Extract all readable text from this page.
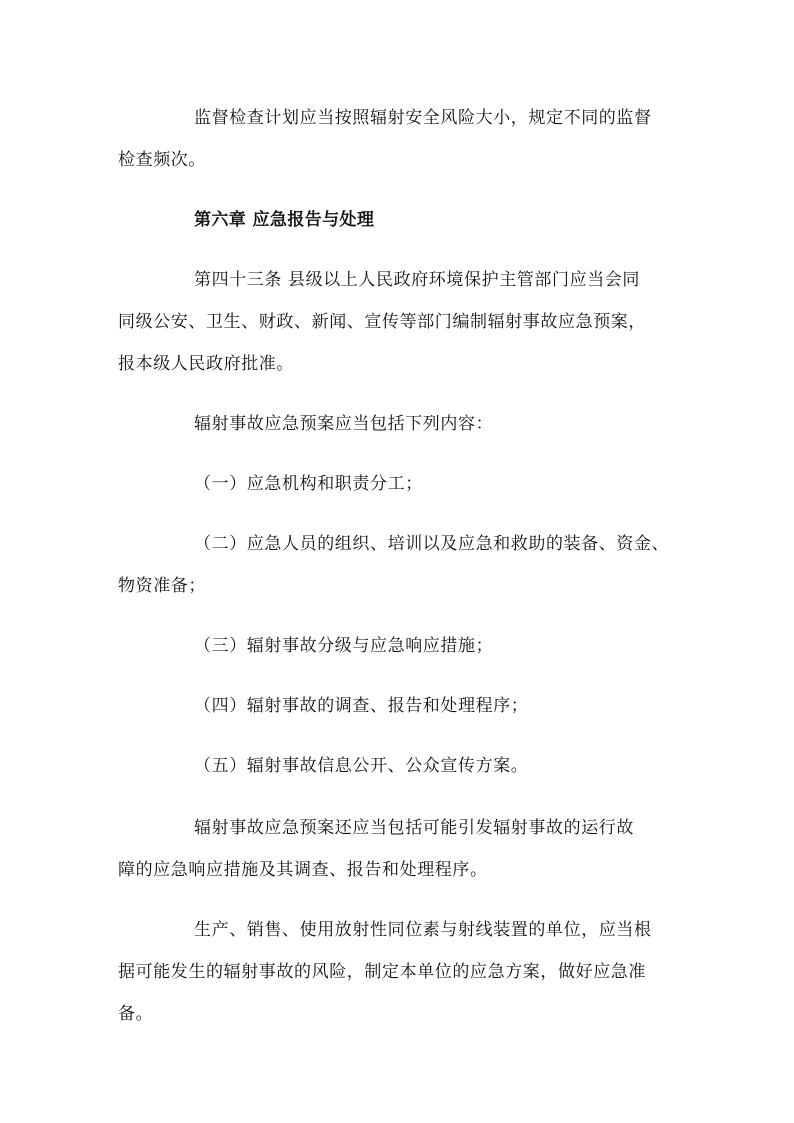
监督检查计划应当按照辐射安全风险大小，规定不同的监督
检查频次。
第六章 应急报告与处理
第四十三条 县级以上人民政府环境保护主管部门应当会同
同级公安、卫生、财政、新闻、宣传等部门编制辐射事故应急预案，
报本级人民政府批准。
辐射事故应急预案应当包括下列内容：
（一）应急机构和职责分工；
（二）应急人员的组织、培训以及应急和救助的装备、资金、
物资准备；
（三）辐射事故分级与应急响应措施；
（四）辐射事故的调查、报告和处理程序；
（五）辐射事故信息公开、公众宣传方案。
辐射事故应急预案还应当包括可能引发辐射事故的运行故
障的应急响应措施及其调查、报告和处理程序。
生产、销售、使用放射性同位素与射线装置的单位，应当根
据可能发生的辐射事故的风险，制定本单位的应急方案，做好应急准
备。
